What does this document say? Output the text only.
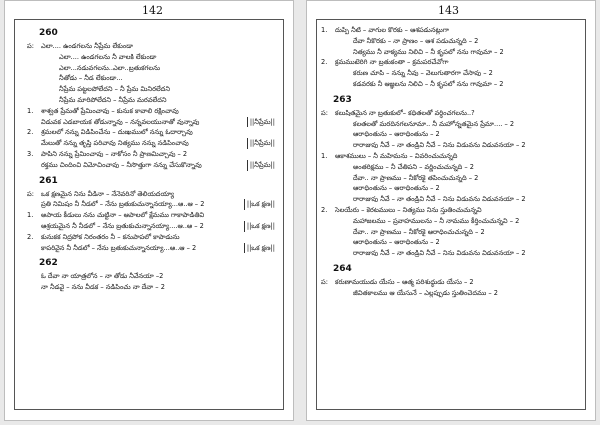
142
260
ప: ఎలా.... ఉండగలను నీప్రేమ లేకుండా
ఎలా.... ఉండగలను నీ వాలకి లేకుండా
ఎలా...నడువగలను..ఎలా..బ్రతుకగలను
నీతోడు – నీడ లేకుండా...
నీప్రేమ పట్టలపోలేదని – నీ ప్రేమ మినిరలేదని
నీప్రేమ మారిపోలేదని – నీప్రేమ మరవలేదని
1. శాశ్వత ప్రేమతో ప్రేమించావు – కునుక కావాలి రక్షించావు
విడువక ఎడబాయక తోడున్నావు – నన్నవలయునాతో వున్నావు	||నీప్రేమ||
2. శ్రమలలో నన్ను విడిపించేను – దుఃఖములో నన్ను ఓదార్చావు
మేలుతో నన్ను తృప్తి పరిచావు నిత్యము నన్ను నడిపించావు	||నీప్రేమ||
3. పాపిని నన్ను ప్రేమించావు – నాకోసం నీ ప్రాణమిచ్చావు – 2
రక్తము చిందించి విమోచించావు – నీసొత్తుగా నన్ను చేసుకొన్నావు	||నీప్రేమ||
261
ప: ఒక క్షణమైన నిను వీడినా – నేనెవరినో తెలియదయ్యా
ప్రతి నిమిషం నీ నీడలో – నేను బ్రతుకుచున్నానయ్యా...ఆ..ఆ – 2	||ఒక క్షణ||
1. అపాయ కీడులు నను చుట్టినా – ఆపాలలో క్షేమము గాకాపాడితివి
ఆశ్రయమైన నీ నీడలో – నేను బ్రతుకుచున్నానయ్యా....ఆ..ఆ – 2	||ఒక క్షణ||
2. కునుకక నిద్రపోక నిరంతరం నీ – కనుపాపలో కాపాడును
కాపరివైన నీ నీడలో – నేను బ్రతుకుచున్నానయ్యా...ఆ..ఆ – 2	||ఒక క్షణ||
262
ఓ దేవా నా యాత్రలోన – నా తోడు నీవేనయా –2
నా నీడవై – నను వీడక – నడిపించు నా దేవా – 2
143
1. దుప్పి నీటి – వాగుల కొరకు – ఆశపడునట్లుగా
దేవా నీకొరకు – నా ప్రాణం – ఆశ పడుచున్నది – 2
నిత్యము నీ వాక్యము నిలిచి – నీ కృపలో నను గావుమా – 2
2. క్రమముటెరిగి నా బ్రతుకంతా – క్రమపరచేవోగా
కరుణ చూపి – నన్ను నీవు – వెలుగుతారగా చేసావు – 2
కడవరకు నీ ఆజ్ఞలను నిలిచి – నీ కృపలో నను గావుమా – 2
263
ప: కలుషితమైన నా బ్రతుకులో– కధితలతో వర్ధించగలను..?
కలతలతో మరదినగలనూమా.. నీ మహోన్నతమైన ప్రేమా.... – 2
ఆరాధింతును – ఆరాధింతును – 2
రారాజువు నీవే – నా తండ్రివి నీవే – నిను విడువను విడువనయా – 2
1. ఆకాశములు – నీ మహిమను – వివరించుచున్నది
అంతరిక్షము – నీ చేతిపని – వర్ణించుచున్నది – 2
దేవా.. నా ప్రాణము – నీకోరకై తపించుచున్నది – 2
ఆరాధింతును – ఆరాధింతును – 2
రారాజువు నీవే – నా తండ్రివి నీవే – నిను విడువను విడువనయా – 2
2. సెలయేరు – కెరటములు – నిత్యము నిను స్తుతించుచున్నవి
మహాజలము – ప్రవాహములను – నీ నామము కీర్తించుచున్నవి – 2
దేవా.. నా ప్రాణము – నీకోరకై ఆరాధించుచున్నది – 2
ఆరాధింతును – ఆరాధింతును – 2
రారాజువు నీవే – నా తండ్రివి నీవే – నిను విడువను విడువనయా – 2
264
ప: కరుణామయుడు యేసు – ఆత్మ పరిశుద్ధుడు యేసు – 2
జీవితకాలము ఆ యేసునే – ఎల్లప్పుడు స్తుతించెదము – 2
